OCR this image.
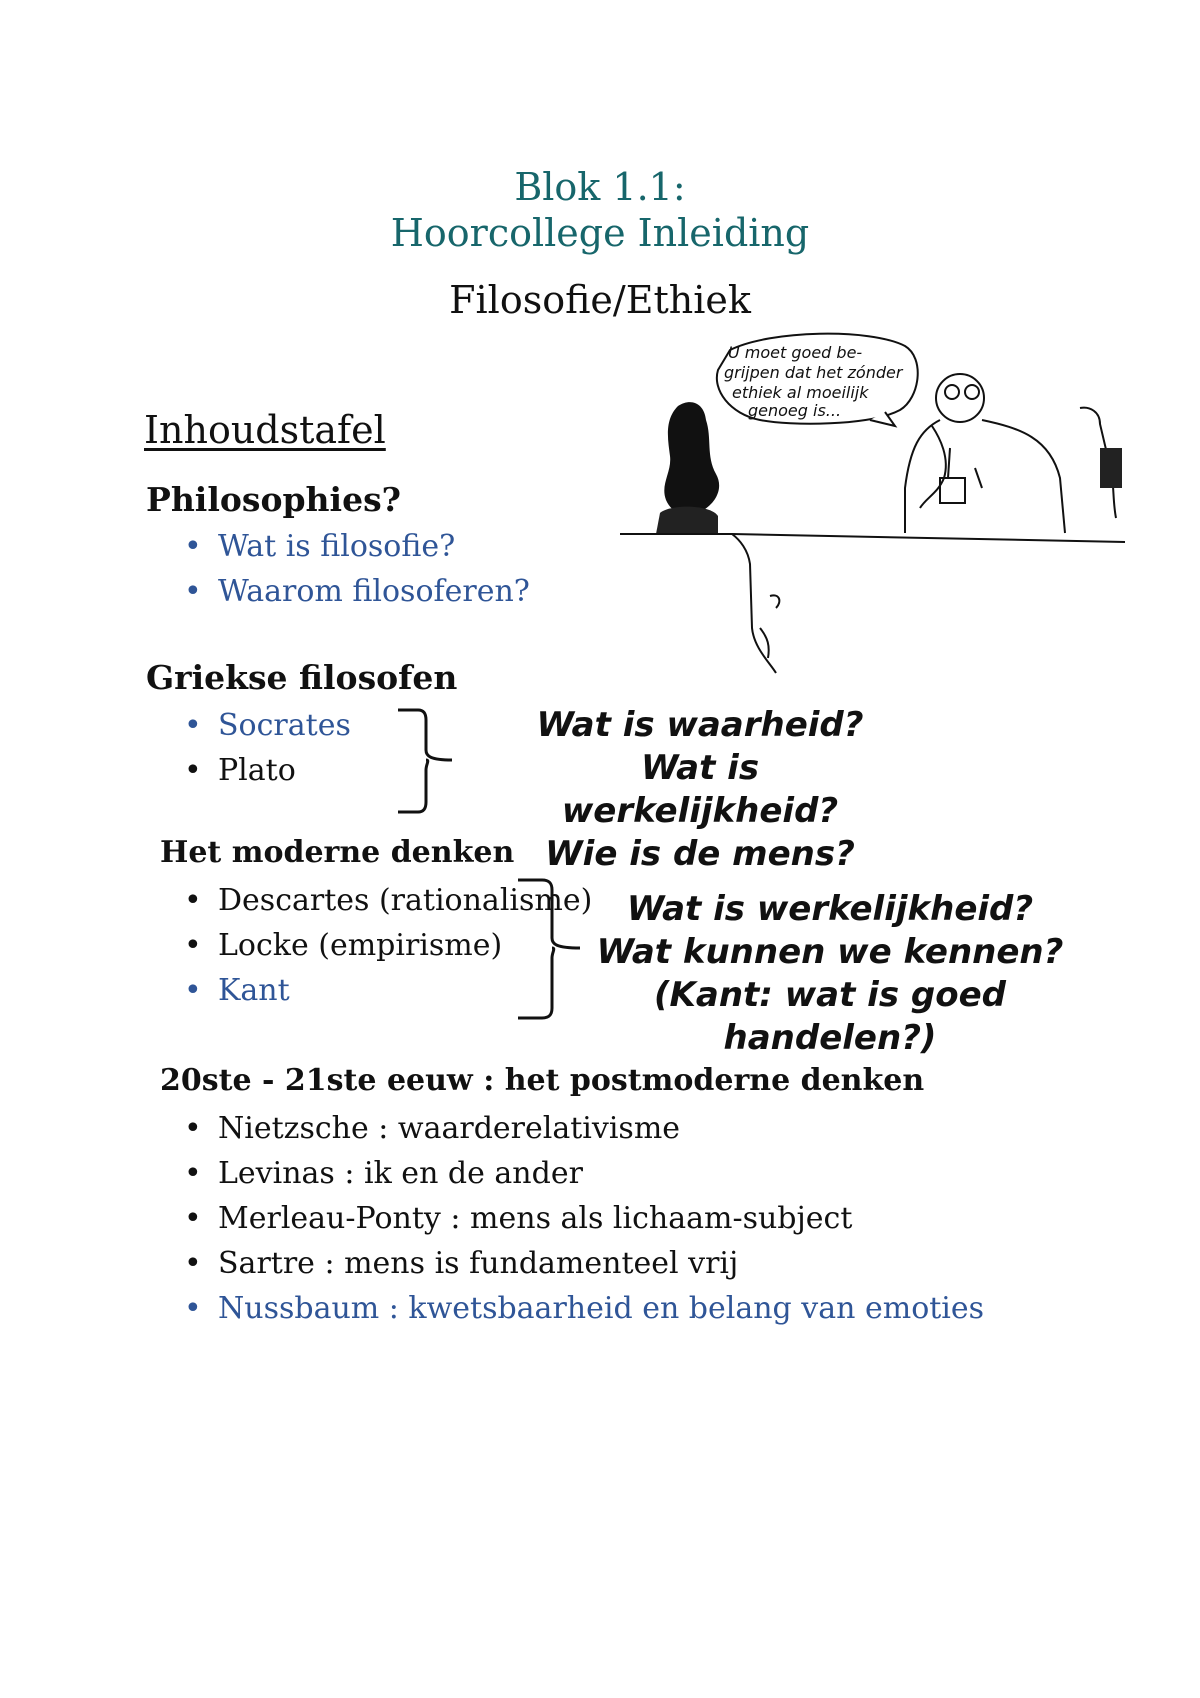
Blok 1.1:
Hoorcollege Inleiding
Filosofie/Ethiek
U moet goed be-
grijpen dat het zónder
ethiek al moeilijk
genoeg is...
Inhoudstafel
Philosophies?
• Wat is filosofie?
• Waarom filosoferen?
Griekse filosofen
• Socrates
• Plato
Wat is waarheid?
Wat is
werkelijkheid?
Wie is de mens?
Het moderne denken
• Descartes (rationalisme)
• Locke (empirisme)
• Kant
Wat is werkelijkheid?
Wat kunnen we kennen?
(Kant: wat is goed
handelen?)
20ste - 21ste eeuw : het postmoderne denken
• Nietzsche : waarderelativisme
• Levinas : ik en de ander
• Merleau-Ponty : mens als lichaam-subject
• Sartre : mens is fundamenteel vrij
• Nussbaum : kwetsbaarheid en belang van emoties
